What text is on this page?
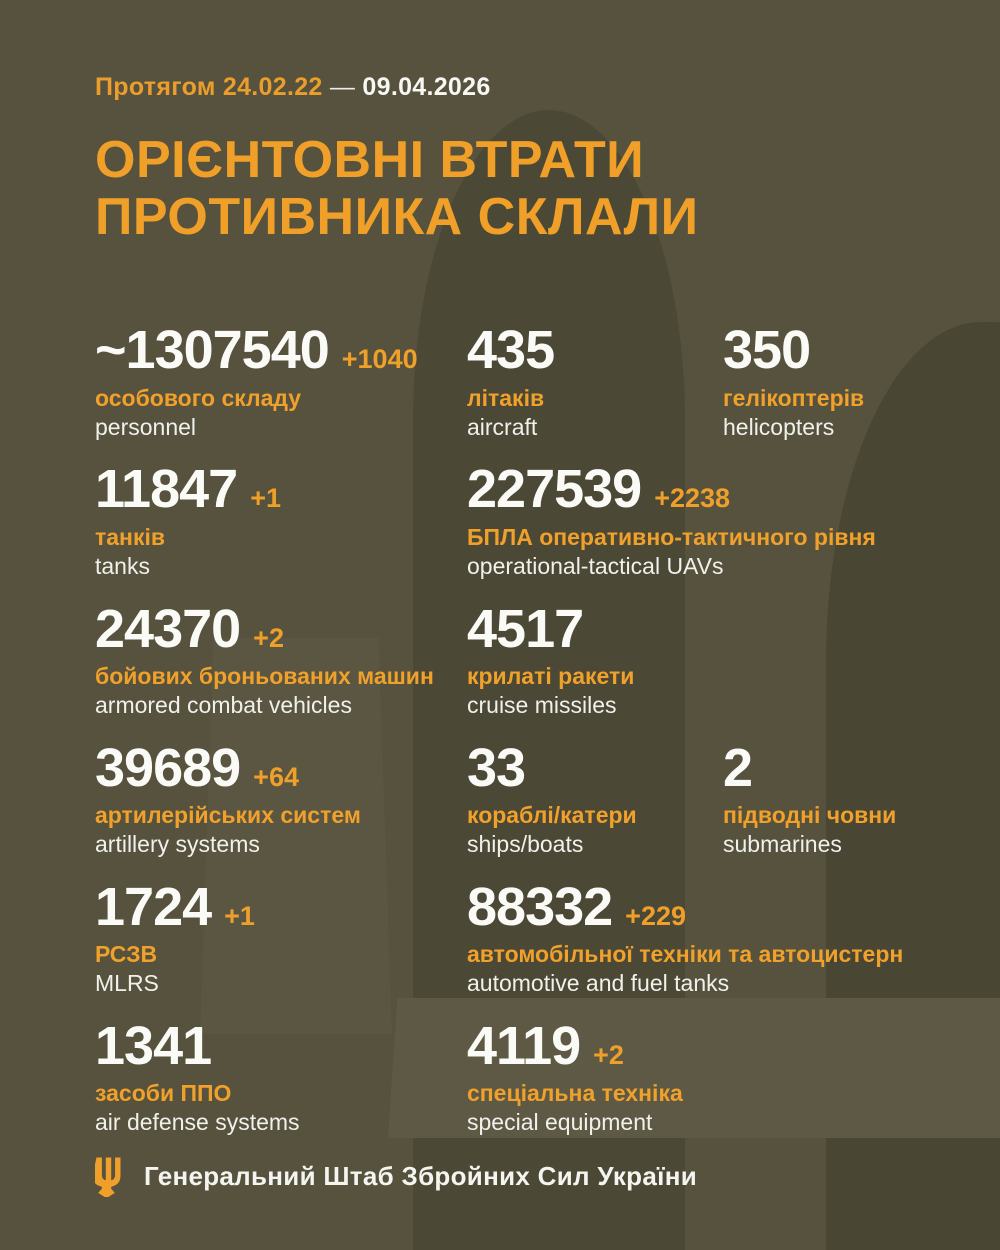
Протягом 24.02.22 — 09.04.2026
ОРІЄНТОВНІ ВТРАТИ
ПРОТИВНИКА СКЛАЛИ
~1307540 +1040
особового складу
personnel
435
літаків
aircraft
350
гелікоптерів
helicopters
11847 +1
танків
tanks
227539 +2238
БПЛА оперативно-тактичного рівня
operational-tactical UAVs
24370 +2
бойових броньованих машин
armored combat vehicles
4517
крилаті ракети
cruise missiles
39689 +64
артилерійських систем
artillery systems
33
кораблі/катери
ships/boats
2
підводні човни
submarines
1724 +1
РСЗВ
MLRS
88332 +229
автомобільної техніки та автоцистерн
automotive and fuel tanks
1341
засоби ППО
air defense systems
4119 +2
спеціальна техніка
special equipment
Генеральний Штаб Збройних Сил України
